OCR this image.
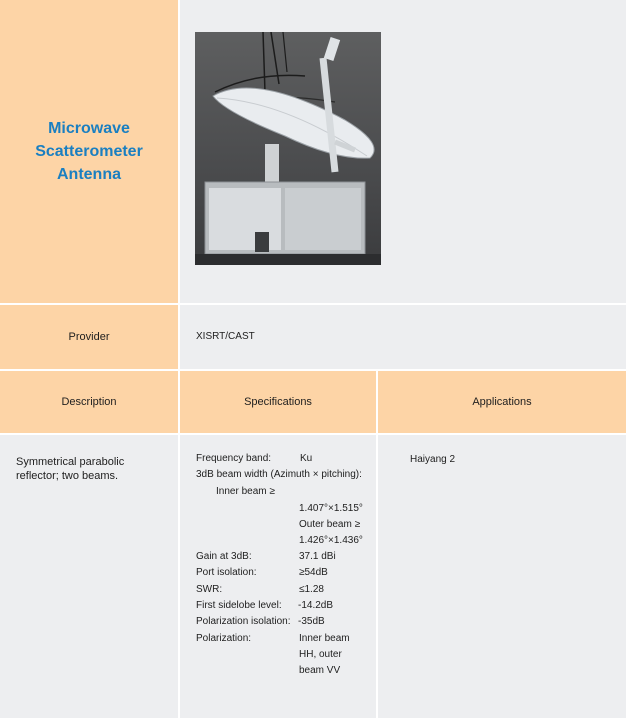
Microwave Scatterometer Antenna
Provider	XISRT/CAST
Description	Specifications	Applications
Symmetrical parabolic reflector; two beams.
Frequency band:	Ku
3dB beam width (Azimuth × pitching):
Inner beam ≥
1.407°×1.515°
Outer beam ≥
1.426°×1.436°
Gain at 3dB:	37.1 dBi
Port isolation:	≥54dB
SWR:	≤1.28
First sidelobe level: -14.2dB
Polarization isolation: -35dB
Polarization:	Inner beam
HH, outer
beam VV
Haiyang 2
